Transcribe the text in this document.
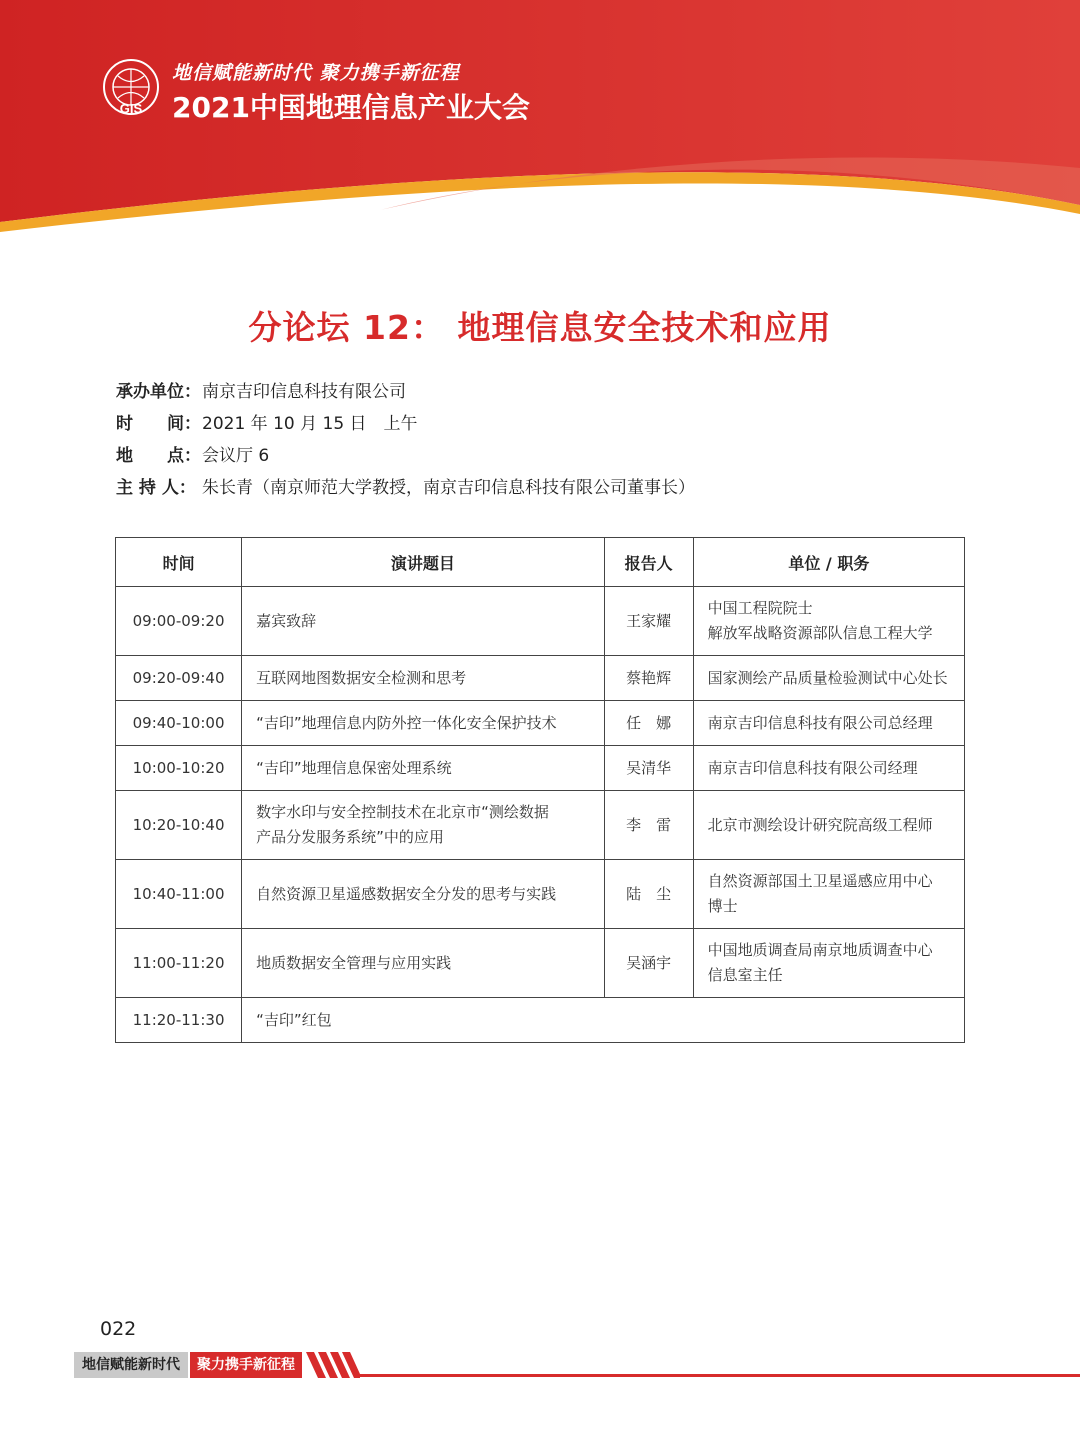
GIS
地信赋能新时代 聚力携手新征程
2021中国地理信息产业大会
分论坛 12： 地理信息安全技术和应用
承办单位：南京吉印信息科技有限公司
时　　间：2021 年 10 月 15 日　上午
地　　点：会议厅 6
主 持 人： 朱长青（南京师范大学教授，南京吉印信息科技有限公司董事长）
时间	演讲题目	报告人	单位 / 职务
09:00-09:20	嘉宾致辞	王家耀	中国工程院院士
解放军战略资源部队信息工程大学

09:20-09:40	互联网地图数据安全检测和思考	蔡艳辉	国家测绘产品质量检验测试中心处长
09:40-10:00	“吉印”地理信息内防外控一体化安全保护技术	任　娜	南京吉印信息科技有限公司总经理
10:00-10:20	“吉印”地理信息保密处理系统	吴清华	南京吉印信息科技有限公司经理
10:20-10:40	数字水印与安全控制技术在北京市“测绘数据
产品分发服务系统”中的应用	李　雷	北京市测绘设计研究院高级工程师
10:40-11:00	自然资源卫星遥感数据安全分发的思考与实践	陆　尘	自然资源部国土卫星遥感应用中心
博士

11:00-11:20	地质数据安全管理与应用实践	吴涵宇	中国地质调查局南京地质调查中心
信息室主任

11:20-11:30	“吉印”红包		
022
地信赋能新时代	聚力携手新征程
